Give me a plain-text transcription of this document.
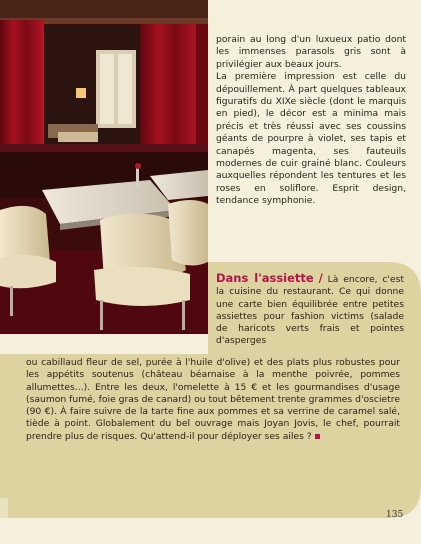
porain au long d'un luxueux patio dont les immenses parasols gris sont à privilégier aux beaux jours.

La première impression est celle du dépouillement. À part quelques tableaux figuratifs du XIXe siècle (dont le marquis en pied), le décor est a minima mais précis et très réussi avec ses coussins géants de pourpre à violet, ses tapis et canapés magenta, ses fauteuils modernes de cuir grainé blanc. Couleurs auxquelles répondent les tentures et les roses en soliflore. Esprit design, tendance symphonie.

Dans l'assiette / Là encore, c'est la cuisine du restaurant. Ce qui donne une carte bien équilibrée entre petites assiettes pour fashion victims (salade de haricots verts frais et pointes d'asperges
ou cabillaud fleur de sel, purée à l'huile d'olive) et des plats plus robustes pour les appétits soutenus (château béarnaise à la menthe poivrée, pommes allumettes...). Entre les deux, l'omelette à 15 € et les gourmandises d'usage (saumon fumé, foie gras de canard) ou tout bêtement trente grammes d'oscietre (90 €). À faire suivre de la tarte fine aux pommes et sa verrine de caramel salé, tiède à point. Globalement du bel ouvrage mais Joyan Jovis, le chef, pourrait prendre plus de risques. Qu'attend-il pour déployer ses ailes ?
135
